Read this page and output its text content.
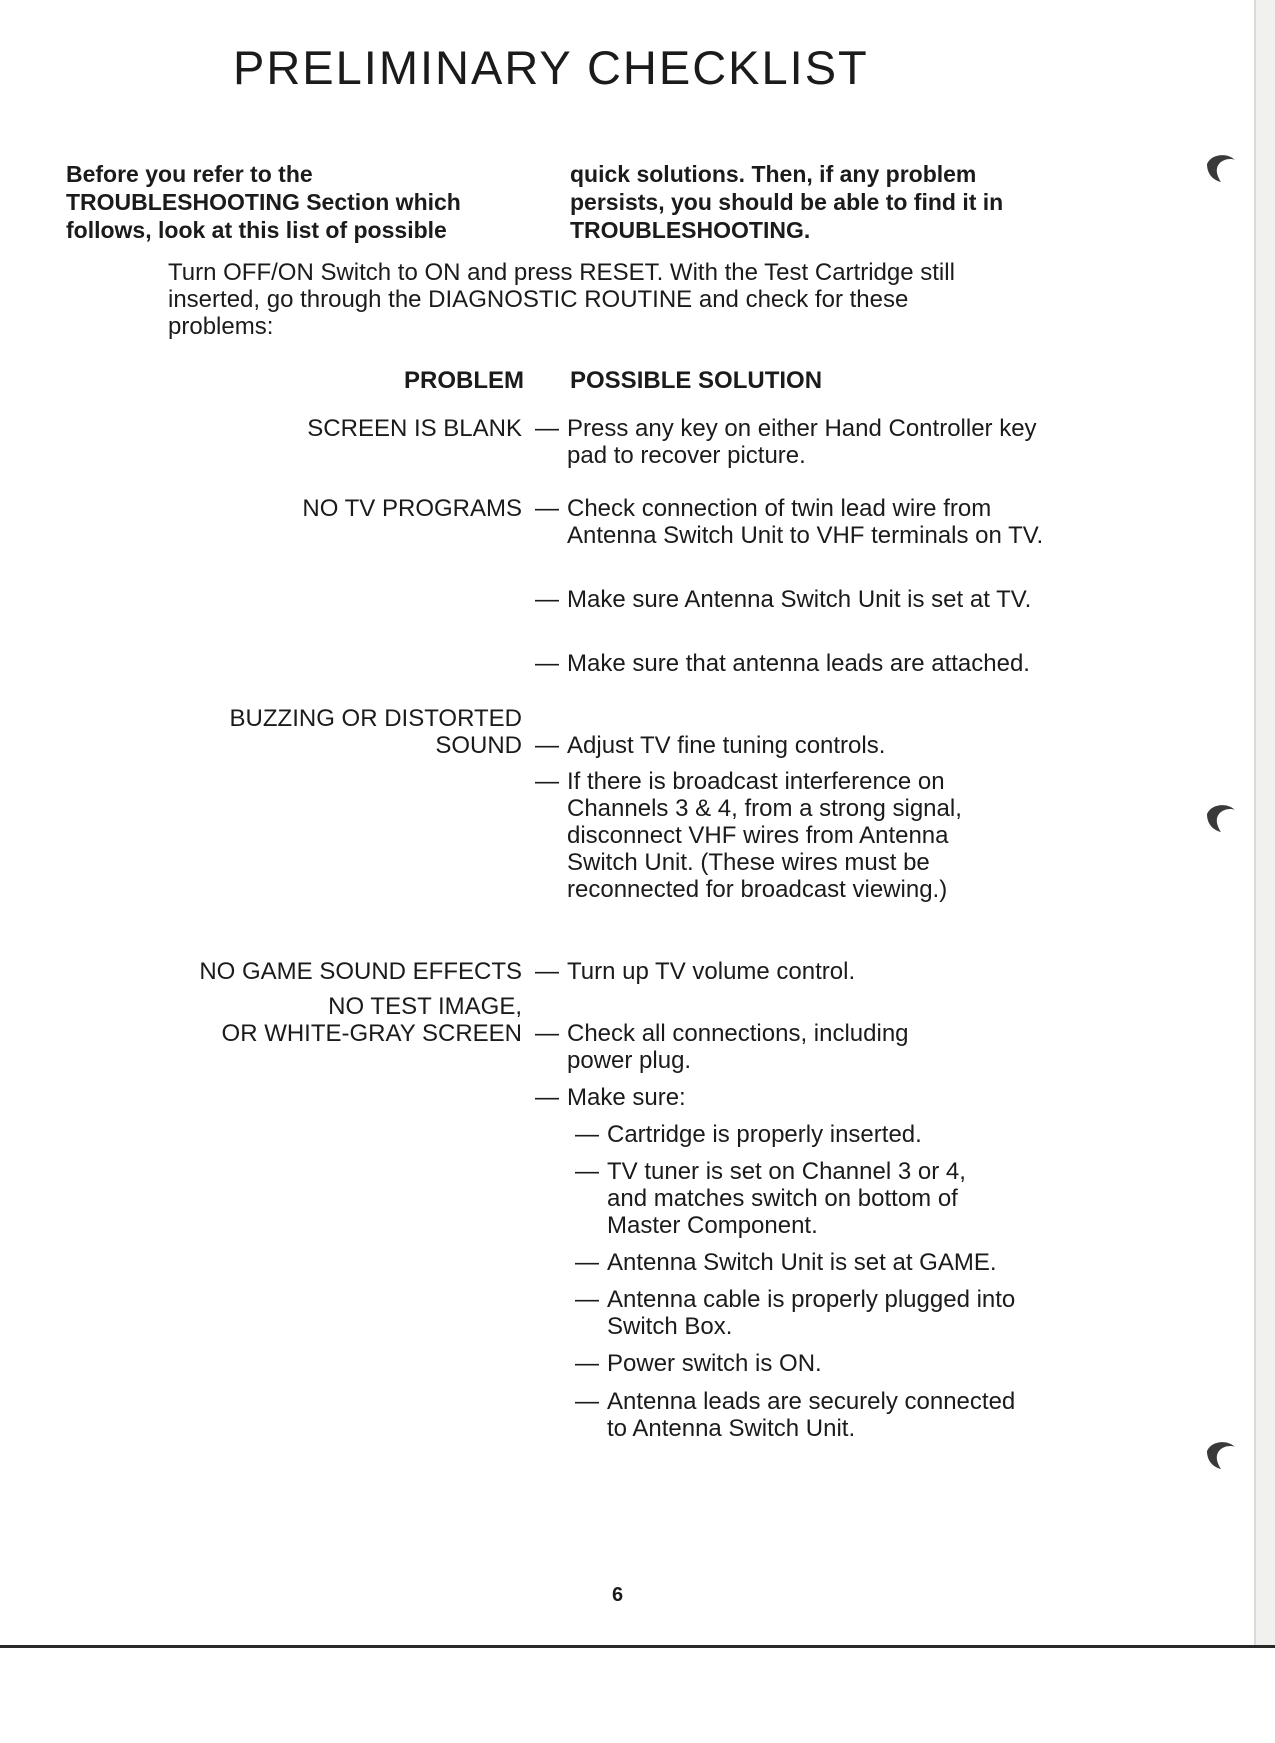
PRELIMINARY CHECKLIST
Before you refer to the TROUBLESHOOTING Section which follows, look at this list of possible
quick solutions. Then, if any problem persists, you should be able to find it in TROUBLESHOOTING.
Turn OFF/ON Switch to ON and press RESET. With the Test Cartridge still inserted, go through the DIAGNOSTIC ROUTINE and check for these problems:
PROBLEM POSSIBLE SOLUTION
SCREEN IS BLANK
NO TV PROGRAMS
BUZZING OR DISTORTED
SOUND
NO GAME SOUND EFFECTS
NO TEST IMAGE,
OR WHITE-GRAY SCREEN
— Press any key on either Hand Controller key pad to recover picture.
— Check connection of twin lead wire from Antenna Switch Unit to VHF terminals on TV.
— Make sure Antenna Switch Unit is set at TV.
— Make sure that antenna leads are attached.
— Adjust TV fine tuning controls.
— If there is broadcast interference on Channels 3 & 4, from a strong signal, disconnect VHF wires from Antenna Switch Unit. (These wires must be reconnected for broadcast viewing.)
— Turn up TV volume control.
— Check all connections, including power plug.
— Make sure:
— Cartridge is properly inserted.
— TV tuner is set on Channel 3 or 4, and matches switch on bottom of Master Component.
— Antenna Switch Unit is set at GAME.
— Antenna cable is properly plugged into Switch Box.
— Power switch is ON.
— Antenna leads are securely connected to Antenna Switch Unit.
6
